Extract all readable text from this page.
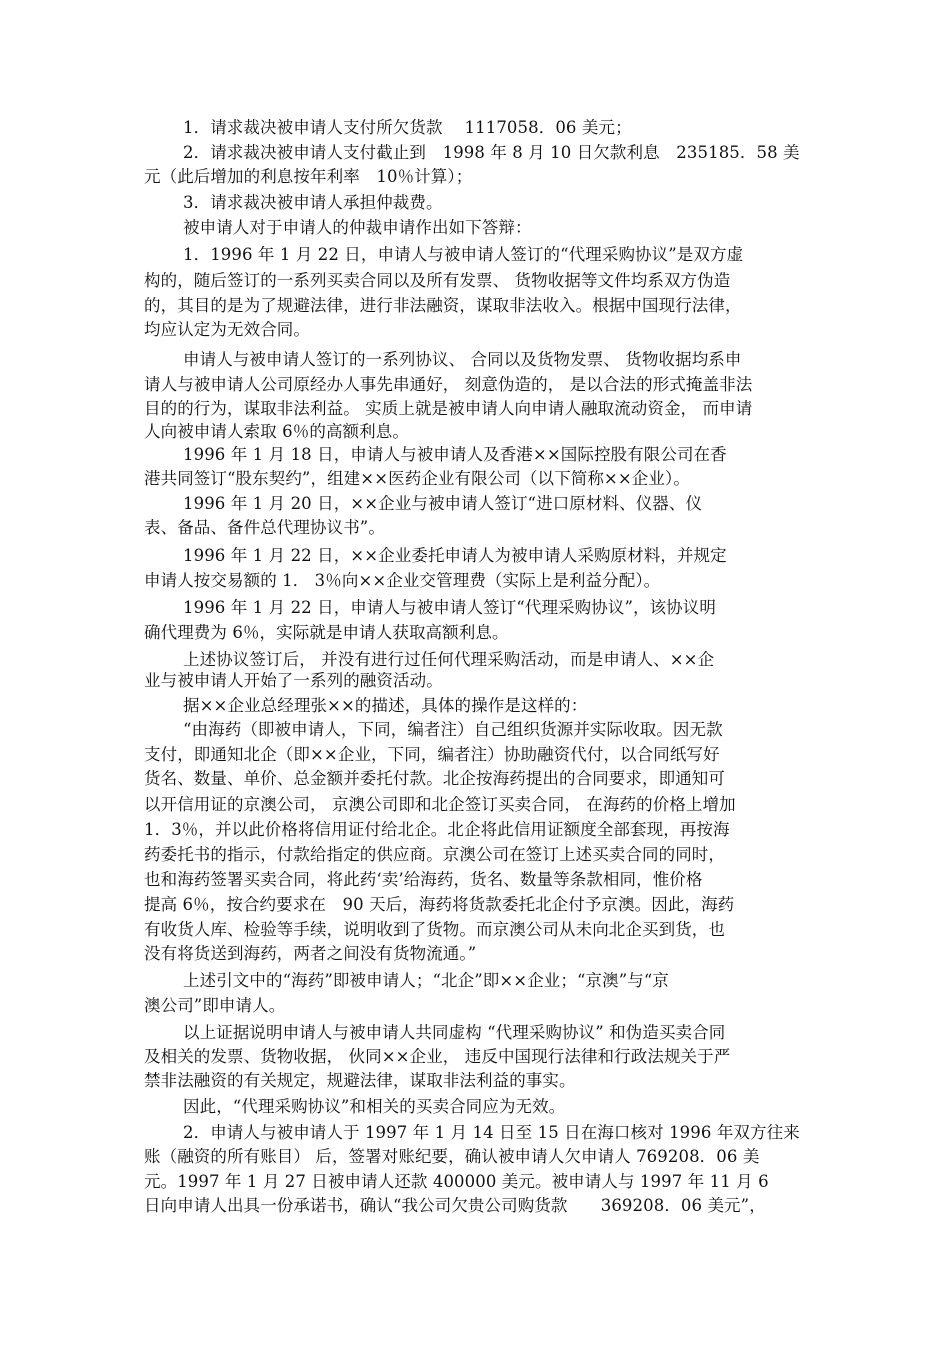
1．请求裁决被申请人支付所欠货款　 1117058．06 美元；
2．请求裁决被申请人支付截止到　1998 年 8 月 10 日欠款利息　235185．58 美
元（此后增加的利息按年利率　10％计算）；
3．请求裁决被申请人承担仲裁费。
被申请人对于申请人的仲裁申请作出如下答辩：
1．1996 年 1 月 22 日，申请人与被申请人签订的“代理采购协议”是双方虚
构的，随后签订的一系列买卖合同以及所有发票、 货物收据等文件均系双方伪造
的，其目的是为了规避法律，进行非法融资，谋取非法收入。根据中国现行法律，
均应认定为无效合同。
申请人与被申请人签订的一系列协议、 合同以及货物发票、 货物收据均系申
请人与被申请人公司原经办人事先串通好， 刻意伪造的， 是以合法的形式掩盖非法
目的的行为，谋取非法利益。 实质上就是被申请人向申请人融取流动资金， 而申请
人向被申请人索取 6％的高额利息。
1996 年 1 月 18 日，申请人与被申请人及香港××国际控股有限公司在香
港共同签订“股东契约”，组建××医药企业有限公司（以下简称××企业）。
1996 年 1 月 20 日，××企业与被申请人签订“进口原材料、仪器、仪
表、备品、备件总代理协议书”。
1996 年 1 月 22 日，××企业委托申请人为被申请人采购原材料，并规定
申请人按交易额的 1． 3％向××企业交管理费（实际上是利益分配）。
1996 年 1 月 22 日，申请人与被申请人签订“代理采购协议”，该协议明
确代理费为 6％，实际就是申请人获取高额利息。
上述协议签订后， 并没有进行过任何代理采购活动，而是申请人、××企
业与被申请人开始了一系列的融资活动。
据××企业总经理张××的描述，具体的操作是这样的：
“由海药（即被申请人，下同，编者注）自己组织货源并实际收取。因无款
支付，即通知北企（即××企业，下同，编者注）协助融资代付，以合同纸写好
货名、数量、单价、总金额并委托付款。北企按海药提出的合同要求，即通知可
以开信用证的京澳公司， 京澳公司即和北企签订买卖合同， 在海药的价格上增加
1．3％，并以此价格将信用证付给北企。北企将此信用证额度全部套现，再按海
药委托书的指示，付款给指定的供应商。京澳公司在签订上述买卖合同的同时，
也和海药签署买卖合同，将此药‘卖’给海药，货名、数量等条款相同，惟价格
提高 6％，按合约要求在　90 天后，海药将货款委托北企付予京澳。因此，海药
有收货人库、检验等手续，说明收到了货物。而京澳公司从未向北企买到货，也
没有将货送到海药，两者之间没有货物流通。”
上述引文中的“海药”即被申请人；“北企”即××企业；“京澳”与“京
澳公司”即申请人。
以上证据说明申请人与被申请人共同虚构 “代理采购协议” 和伪造买卖合同
及相关的发票、货物收据， 伙同××企业， 违反中国现行法律和行政法规关于严
禁非法融资的有关规定，规避法律，谋取非法利益的事实。
因此，“代理采购协议”和相关的买卖合同应为无效。
2．申请人与被申请人于 1997 年 1 月 14 日至 15 日在海口核对 1996 年双方往来
账（融资的所有账目） 后，签署对账纪要，确认被申请人欠申请人 769208．06 美
元。1997 年 1 月 27 日被申请人还款 400000 美元。被申请人与 1997 年 11 月 6
日向申请人出具一份承诺书，确认“我公司欠贵公司购货款　　369208．06 美元”，
